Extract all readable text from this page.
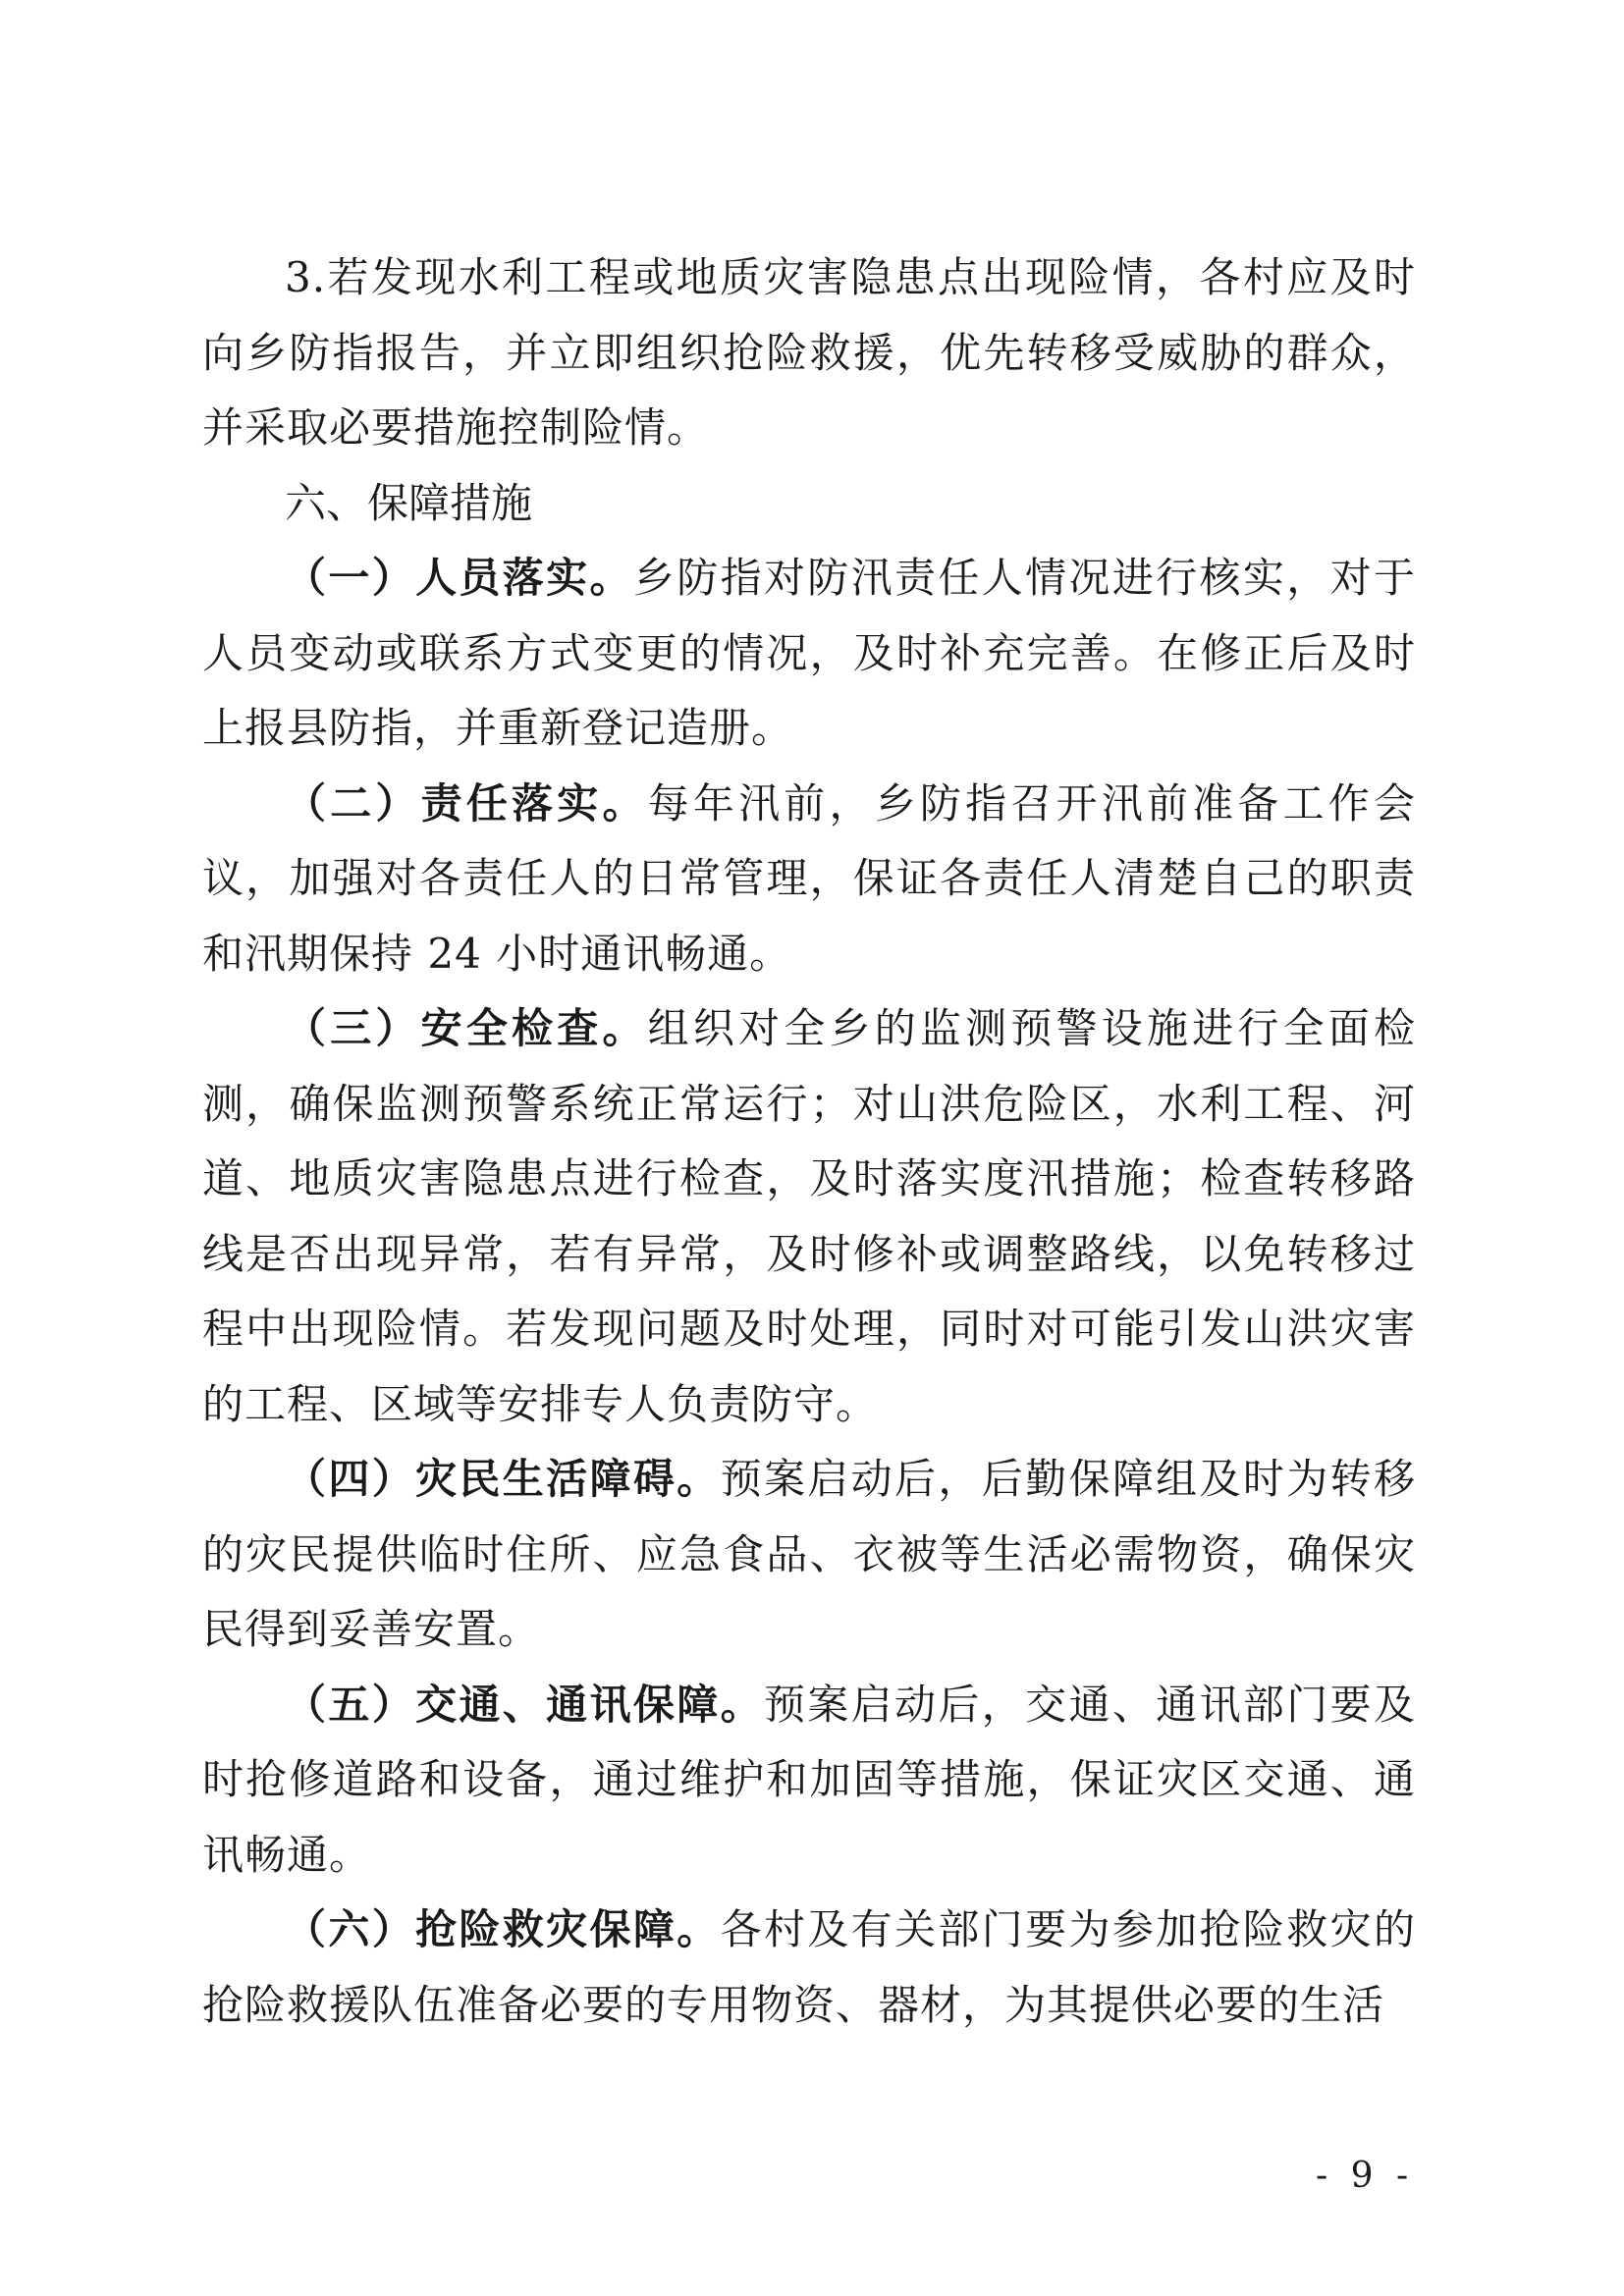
3.若发现水利工程或地质灾害隐患点出现险情，各村应及时向乡防指报告，并立即组织抢险救援，优先转移受威胁的群众，并采取必要措施控制险情。

六、保障措施

（一）人员落实。乡防指对防汛责任人情况进行核实，对于人员变动或联系方式变更的情况，及时补充完善。在修正后及时上报县防指，并重新登记造册。

（二）责任落实。每年汛前，乡防指召开汛前准备工作会议，加强对各责任人的日常管理，保证各责任人清楚自己的职责和汛期保持 24 小时通讯畅通。

（三）安全检查。组织对全乡的监测预警设施进行全面检测，确保监测预警系统正常运行；对山洪危险区，水利工程、河道、地质灾害隐患点进行检查，及时落实度汛措施；检查转移路线是否出现异常，若有异常，及时修补或调整路线，以免转移过程中出现险情。若发现问题及时处理，同时对可能引发山洪灾害的工程、区域等安排专人负责防守。

（四）灾民生活障碍。预案启动后，后勤保障组及时为转移的灾民提供临时住所、应急食品、衣被等生活必需物资，确保灾民得到妥善安置。

（五）交通、通讯保障。预案启动后，交通、通讯部门要及时抢修道路和设备，通过维护和加固等措施，保证灾区交通、通讯畅通。

（六）抢险救灾保障。各村及有关部门要为参加抢险救灾的抢险救援队伍准备必要的专用物资、器材，为其提供必要的生活

- 9 -
